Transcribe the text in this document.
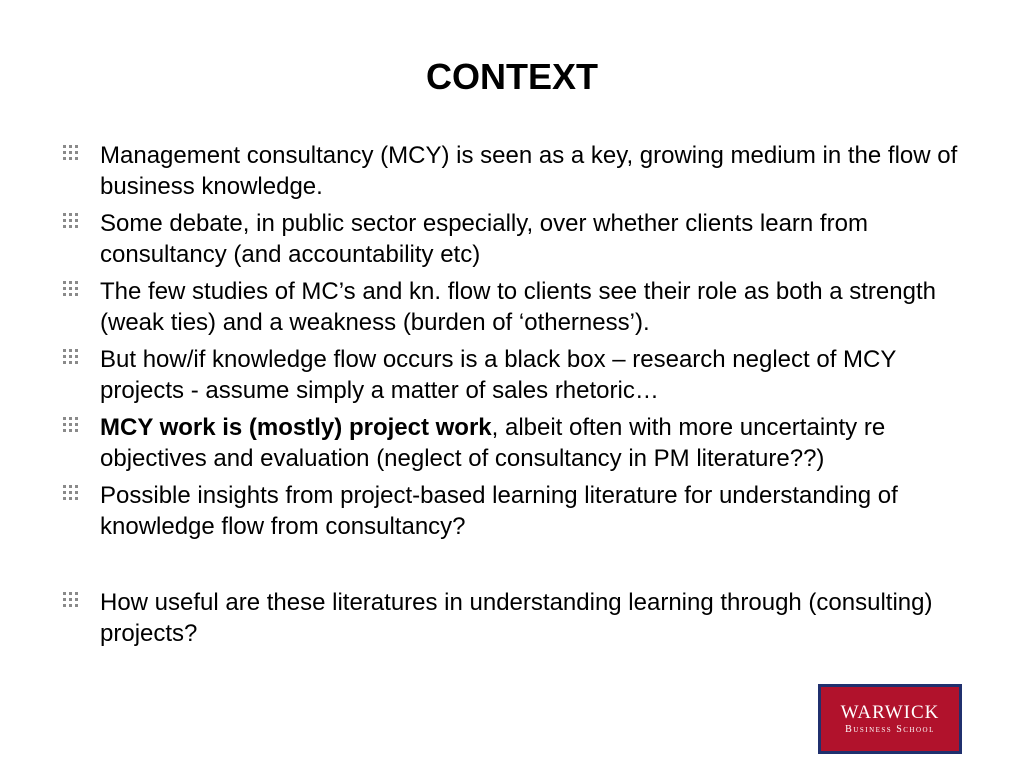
CONTEXT
Management consultancy (MCY) is seen as a key, growing medium in the flow of business knowledge.
Some debate, in public sector especially, over whether clients learn from consultancy (and accountability etc)
The few studies of MC’s and kn. flow to clients see their role as both a strength (weak ties) and a weakness (burden of ‘otherness’).
But how/if knowledge flow occurs is a black box – research neglect of MCY projects - assume simply a matter of sales rhetoric…
MCY work is (mostly) project work, albeit often with more uncertainty re objectives and evaluation (neglect of consultancy in PM literature??)
Possible insights from project-based learning literature for understanding of knowledge flow from consultancy?
How useful are these literatures in understanding learning through (consulting) projects?
WARWICK
Business School
